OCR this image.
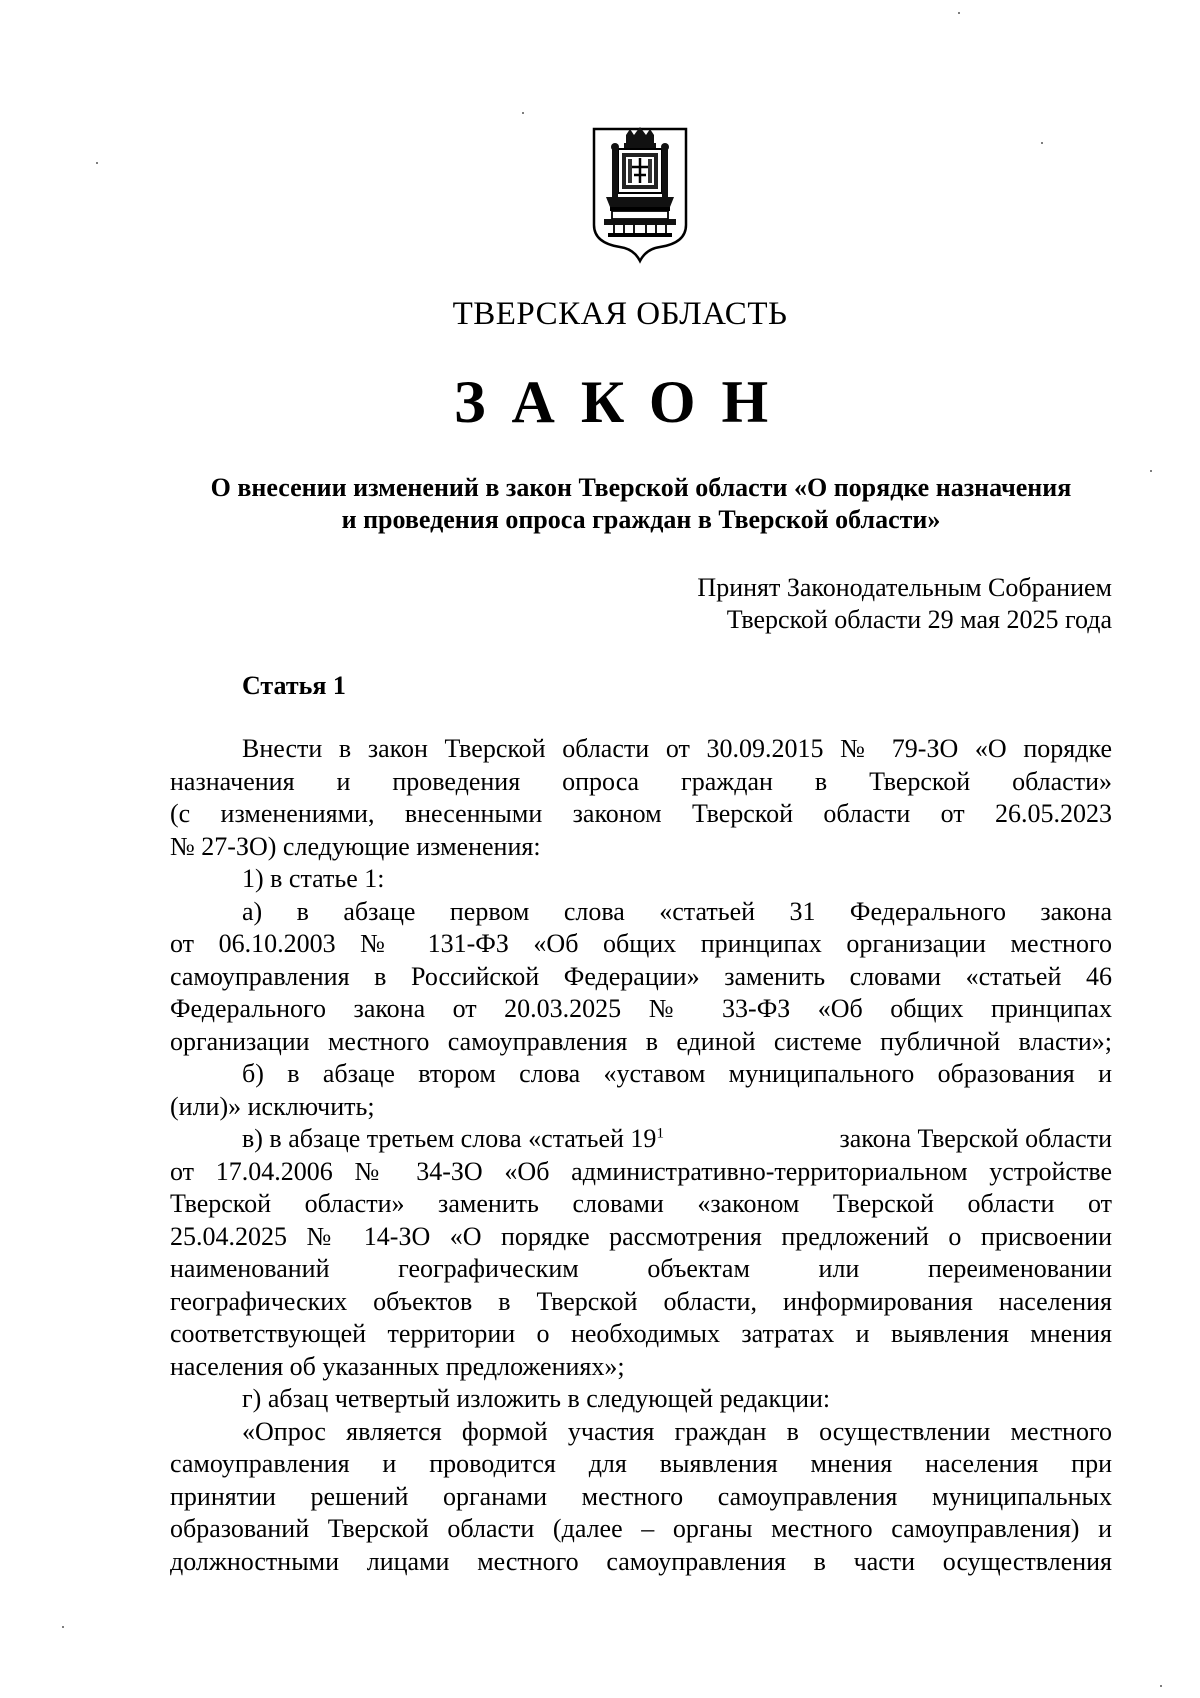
ТВЕРСКАЯ ОБЛАСТЬ
ЗАКОН
О внесении изменений в закон Тверской области «О порядке назначения
и проведения опроса граждан в Тверской области»
Принят Законодательным Собранием
Тверской области 29 мая 2025 года
Статья 1
Внести в закон Тверской области от 30.09.2015 № 79-ЗО «О порядке
назначения и проведения опроса граждан в Тверской области»
(с изменениями, внесенными законом Тверской области от 26.05.2023
№ 27-ЗО) следующие изменения:
1) в статье 1:
а) в абзаце первом слова «статьей 31 Федерального закона
от 06.10.2003 № 131-ФЗ «Об общих принципах организации местного
самоуправления в Российской Федерации» заменить словами «статьей 46
Федерального закона от 20.03.2025 № 33-ФЗ «Об общих принципах
организации местного самоуправления в единой системе публичной власти»;
б) в абзаце втором слова «уставом муниципального образования и
(или)» исключить;
в) в абзаце третьем слова «статьей $19^1$	закона Тверской области
от 17.04.2006 № 34-ЗО «Об административно-территориальном устройстве
Тверской области» заменить словами «законом Тверской области от
25.04.2025 № 14-ЗО «О порядке рассмотрения предложений о присвоении
наименований географическим объектам или переименовании
географических объектов в Тверской области, информирования населения
соответствующей территории о необходимых затратах и выявления мнения
населения об указанных предложениях»;
г) абзац четвертый изложить в следующей редакции:
«Опрос является формой участия граждан в осуществлении местного
самоуправления и проводится для выявления мнения населения при
принятии решений органами местного самоуправления муниципальных
образований Тверской области (далее – органы местного самоуправления) и
должностными лицами местного самоуправления в части осуществления
